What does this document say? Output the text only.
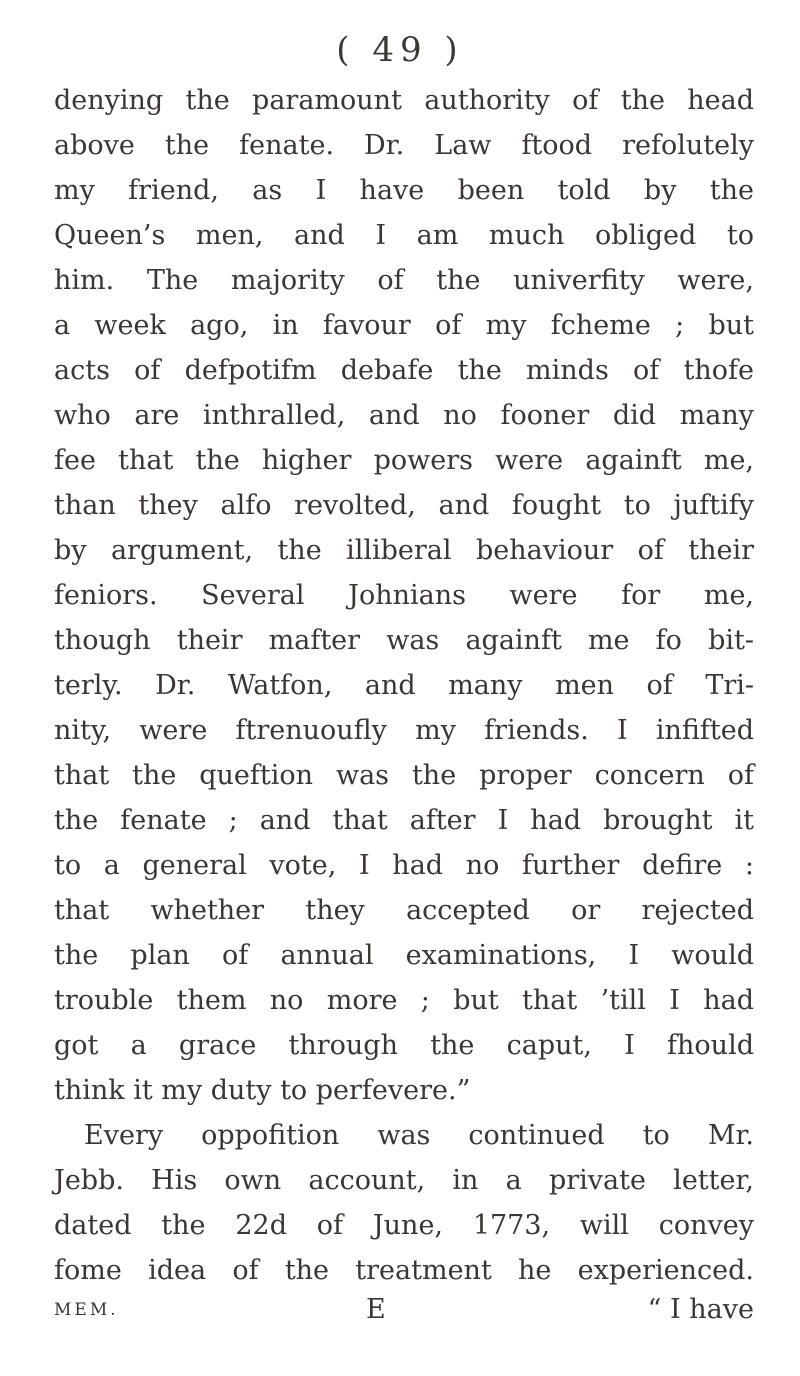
( 49 )
denying the paramount authority of the head
above the fenate. Dr. Law ftood refolutely
my friend, as I have been told by the
Queen’s men, and I am much obliged to
him. The majority of the univerfity were,
a week ago, in favour of my fcheme ; but
acts of defpotifm debafe the minds of thofe
who are inthralled, and no fooner did many
fee that the higher powers were againft me,
than they alfo revolted, and fought to juftify
by argument, the illiberal behaviour of their
feniors. Several Johnians were for me,
though their mafter was againft me fo bit-
terly. Dr. Watfon, and many men of Tri-
nity, were ftrenuoufly my friends. I infifted
that the queftion was the proper concern of
the fenate ; and that after I had brought it
to a general vote, I had no further defire :
that whether they accepted or rejected
the plan of annual examinations, I would
trouble them no more ; but that ’till I had
got a grace through the caput, I fhould
think it my duty to perfevere.”
Every oppofition was continued to Mr.
Jebb. His own account, in a private letter,
dated the 22d of June, 1773, will convey
fome idea of the treatment he experienced.
MEM.	E	“ I have
